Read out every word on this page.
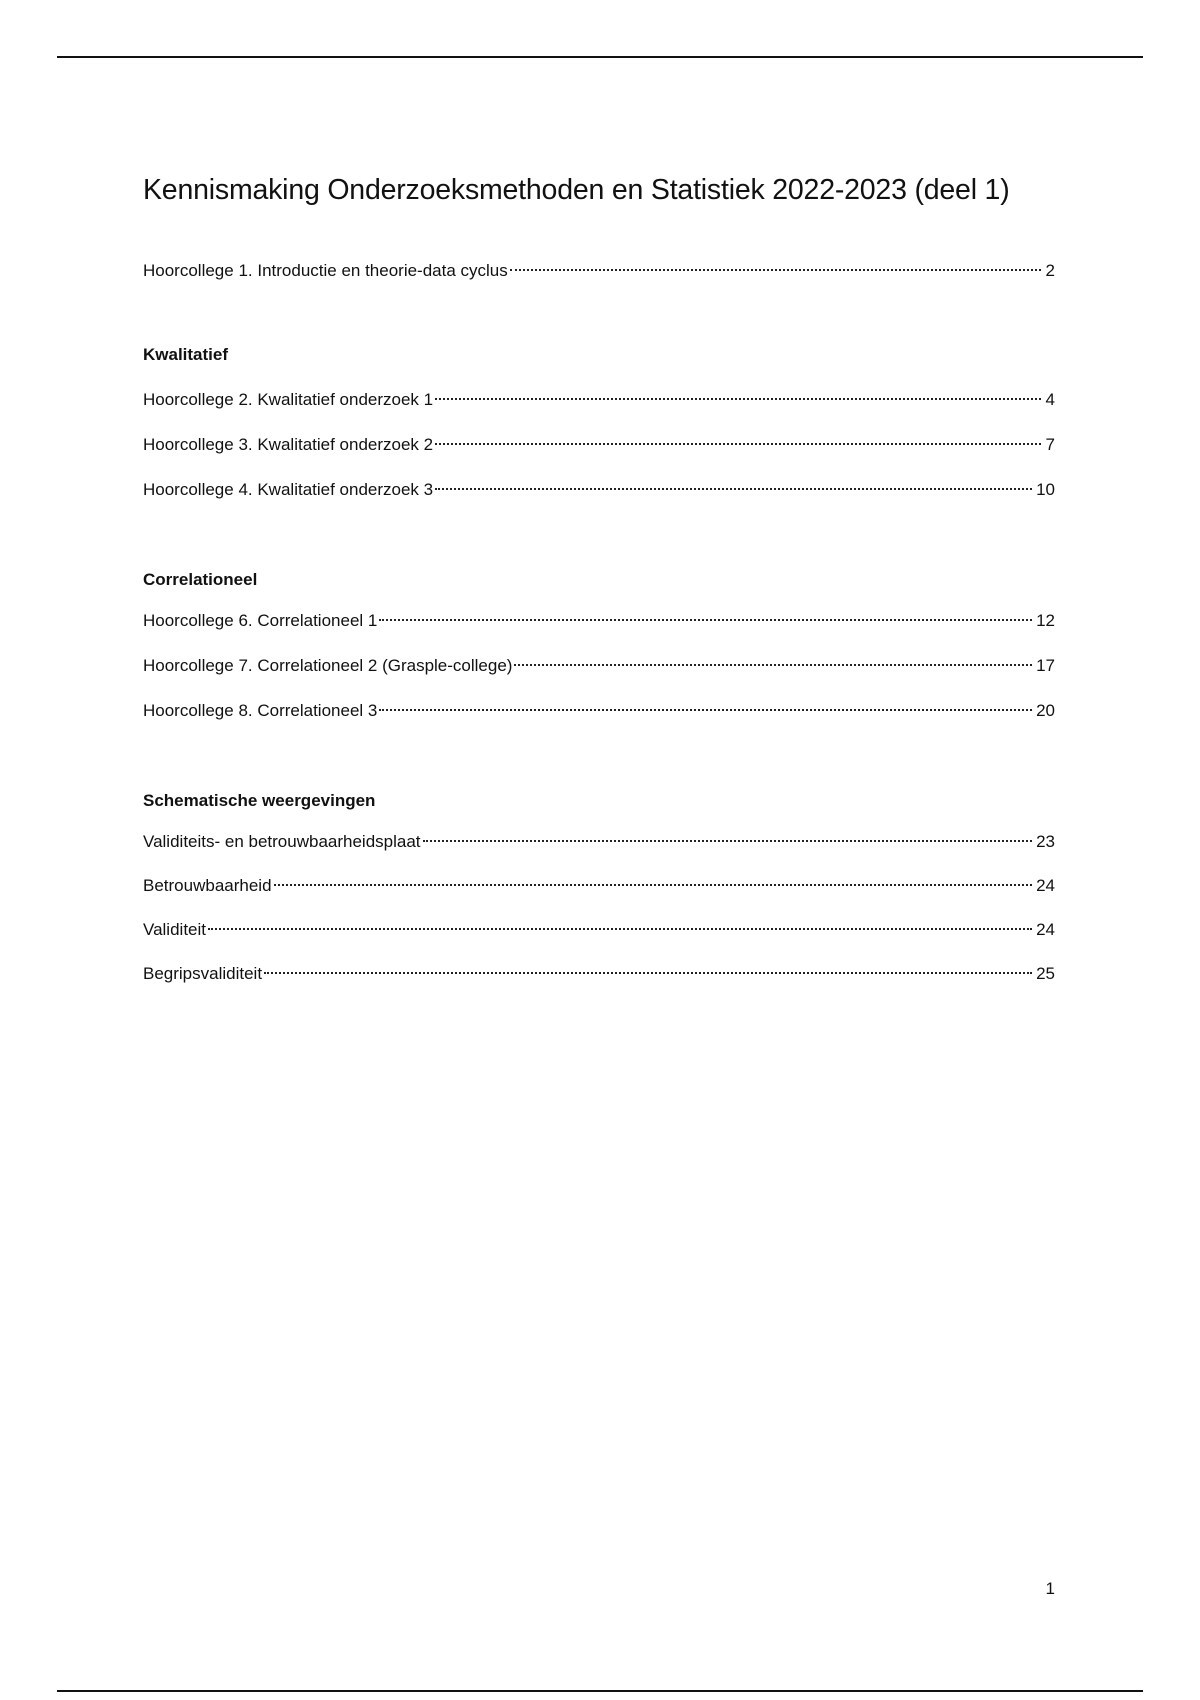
Kennismaking Onderzoeksmethoden en Statistiek 2022-2023 (deel 1)
Hoorcollege 1. Introductie en theorie-data cyclus	2
Kwalitatief
Hoorcollege 2. Kwalitatief onderzoek 1	4
Hoorcollege 3. Kwalitatief onderzoek 2	7
Hoorcollege 4. Kwalitatief onderzoek 3	10
Correlationeel
Hoorcollege 6. Correlationeel 1	12
Hoorcollege 7. Correlationeel 2 (Grasple-college)	17
Hoorcollege 8. Correlationeel 3	20
Schematische weergevingen
Validiteits- en betrouwbaarheidsplaat	23
Betrouwbaarheid	24
Validiteit	24
Begripsvaliditeit	25
1
